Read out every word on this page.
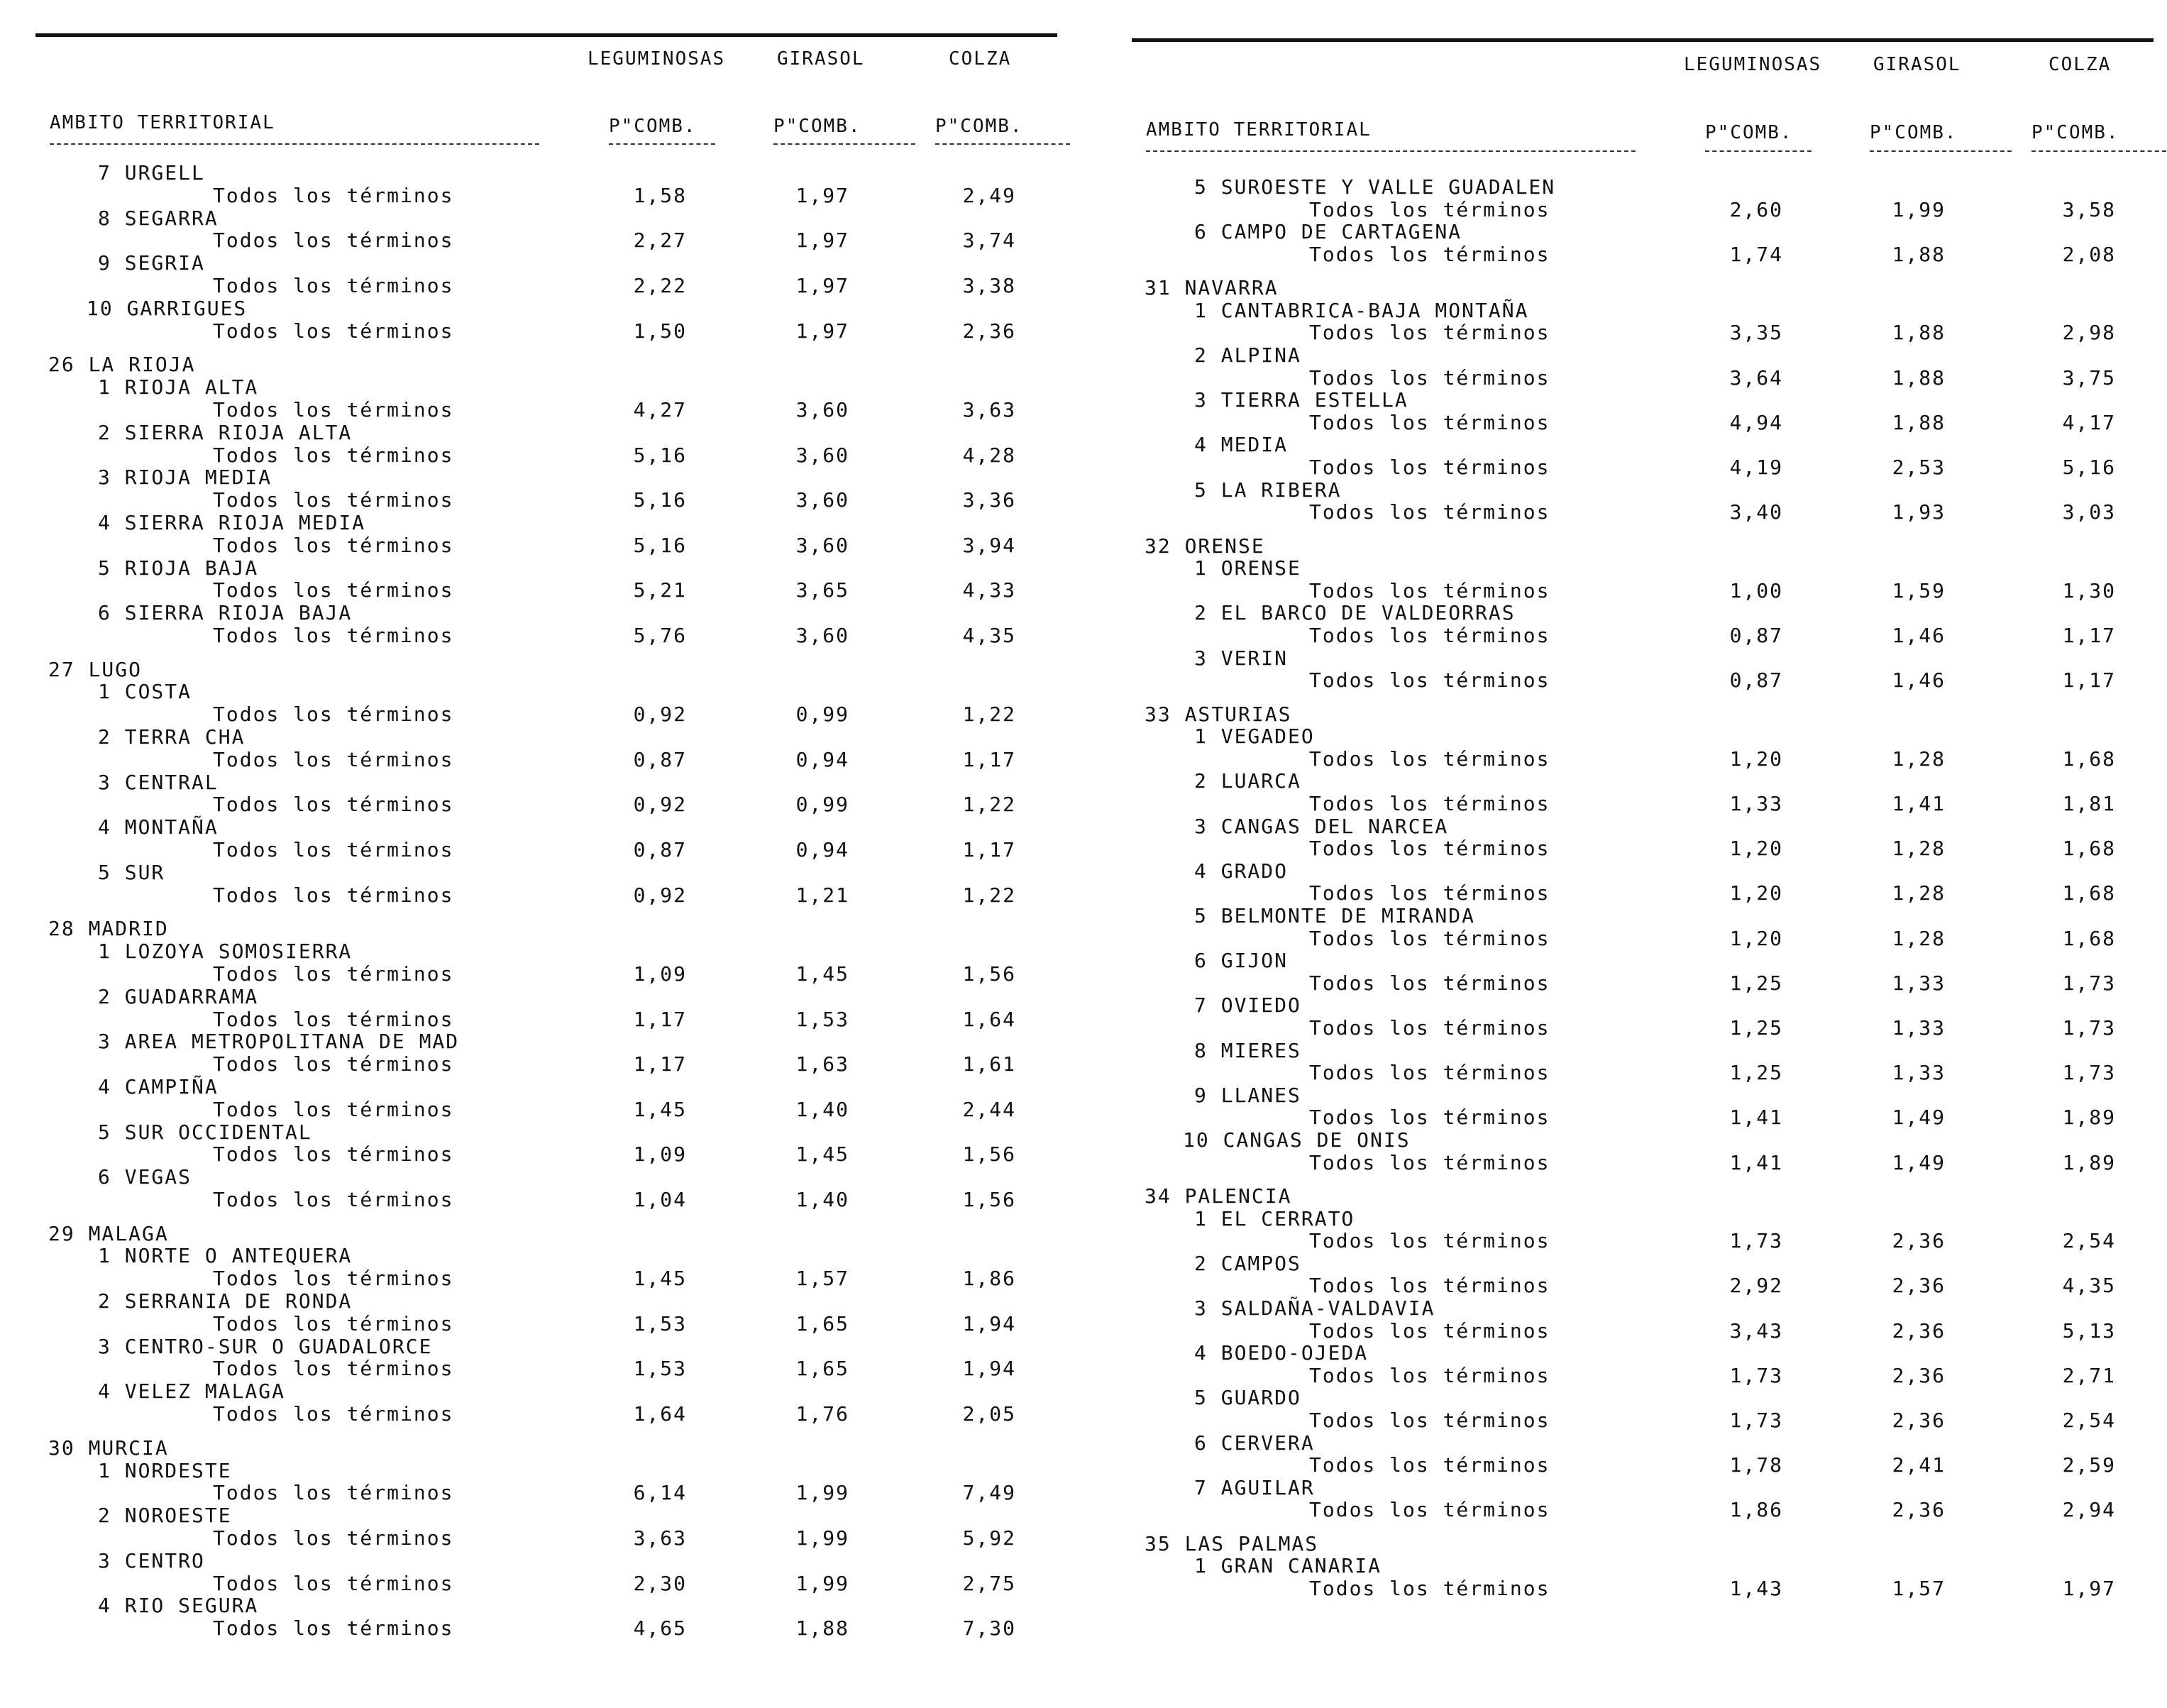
LEGUMINOSAS	GIRASOL	COLZA
AMBITO TERRITORIAL	P"COMB.	P"COMB.	P"COMB.
7 URGELL
Todos los términos	1,58	1,97	2,49
8 SEGARRA
Todos los términos	2,27	1,97	3,74
9 SEGRIA
Todos los términos	2,22	1,97	3,38
10 GARRIGUES
Todos los términos	1,50	1,97	2,36
26 LA RIOJA
1 RIOJA ALTA
Todos los términos	4,27	3,60	3,63
2 SIERRA RIOJA ALTA
Todos los términos	5,16	3,60	4,28
3 RIOJA MEDIA
Todos los términos	5,16	3,60	3,36
4 SIERRA RIOJA MEDIA
Todos los términos	5,16	3,60	3,94
5 RIOJA BAJA
Todos los términos	5,21	3,65	4,33
6 SIERRA RIOJA BAJA
Todos los términos	5,76	3,60	4,35
27 LUGO
1 COSTA
Todos los términos	0,92	0,99	1,22
2 TERRA CHA
Todos los términos	0,87	0,94	1,17
3 CENTRAL
Todos los términos	0,92	0,99	1,22
4 MONTAÑA
Todos los términos	0,87	0,94	1,17
5 SUR
Todos los términos	0,92	1,21	1,22
28 MADRID
1 LOZOYA SOMOSIERRA
Todos los términos	1,09	1,45	1,56
2 GUADARRAMA
Todos los términos	1,17	1,53	1,64
3 AREA METROPOLITANA DE MAD
Todos los términos	1,17	1,63	1,61
4 CAMPIÑA
Todos los términos	1,45	1,40	2,44
5 SUR OCCIDENTAL
Todos los términos	1,09	1,45	1,56
6 VEGAS
Todos los términos	1,04	1,40	1,56
29 MALAGA
1 NORTE O ANTEQUERA
Todos los términos	1,45	1,57	1,86
2 SERRANIA DE RONDA
Todos los términos	1,53	1,65	1,94
3 CENTRO-SUR O GUADALORCE
Todos los términos	1,53	1,65	1,94
4 VELEZ MALAGA
Todos los términos	1,64	1,76	2,05
30 MURCIA
1 NORDESTE
Todos los términos	6,14	1,99	7,49
2 NOROESTE
Todos los términos	3,63	1,99	5,92
3 CENTRO
Todos los términos	2,30	1,99	2,75
4 RIO SEGURA
Todos los términos	4,65	1,88	7,30
LEGUMINOSAS	GIRASOL	COLZA
AMBITO TERRITORIAL	P"COMB.	P"COMB.	P"COMB.
5 SUROESTE Y VALLE GUADALEN
Todos los términos	2,60	1,99	3,58
6 CAMPO DE CARTAGENA
Todos los términos	1,74	1,88	2,08
31 NAVARRA
1 CANTABRICA-BAJA MONTAÑA
Todos los términos	3,35	1,88	2,98
2 ALPINA
Todos los términos	3,64	1,88	3,75
3 TIERRA ESTELLA
Todos los términos	4,94	1,88	4,17
4 MEDIA
Todos los términos	4,19	2,53	5,16
5 LA RIBERA
Todos los términos	3,40	1,93	3,03
32 ORENSE
1 ORENSE
Todos los términos	1,00	1,59	1,30
2 EL BARCO DE VALDEORRAS
Todos los términos	0,87	1,46	1,17
3 VERIN
Todos los términos	0,87	1,46	1,17
33 ASTURIAS
1 VEGADEO
Todos los términos	1,20	1,28	1,68
2 LUARCA
Todos los términos	1,33	1,41	1,81
3 CANGAS DEL NARCEA
Todos los términos	1,20	1,28	1,68
4 GRADO
Todos los términos	1,20	1,28	1,68
5 BELMONTE DE MIRANDA
Todos los términos	1,20	1,28	1,68
6 GIJON
Todos los términos	1,25	1,33	1,73
7 OVIEDO
Todos los términos	1,25	1,33	1,73
8 MIERES
Todos los términos	1,25	1,33	1,73
9 LLANES
Todos los términos	1,41	1,49	1,89
10 CANGAS DE ONIS
Todos los términos	1,41	1,49	1,89
34 PALENCIA
1 EL CERRATO
Todos los términos	1,73	2,36	2,54
2 CAMPOS
Todos los términos	2,92	2,36	4,35
3 SALDAÑA-VALDAVIA
Todos los términos	3,43	2,36	5,13
4 BOEDO-OJEDA
Todos los términos	1,73	2,36	2,71
5 GUARDO
Todos los términos	1,73	2,36	2,54
6 CERVERA
Todos los términos	1,78	2,41	2,59
7 AGUILAR
Todos los términos	1,86	2,36	2,94
35 LAS PALMAS
1 GRAN CANARIA
Todos los términos	1,43	1,57	1,97
